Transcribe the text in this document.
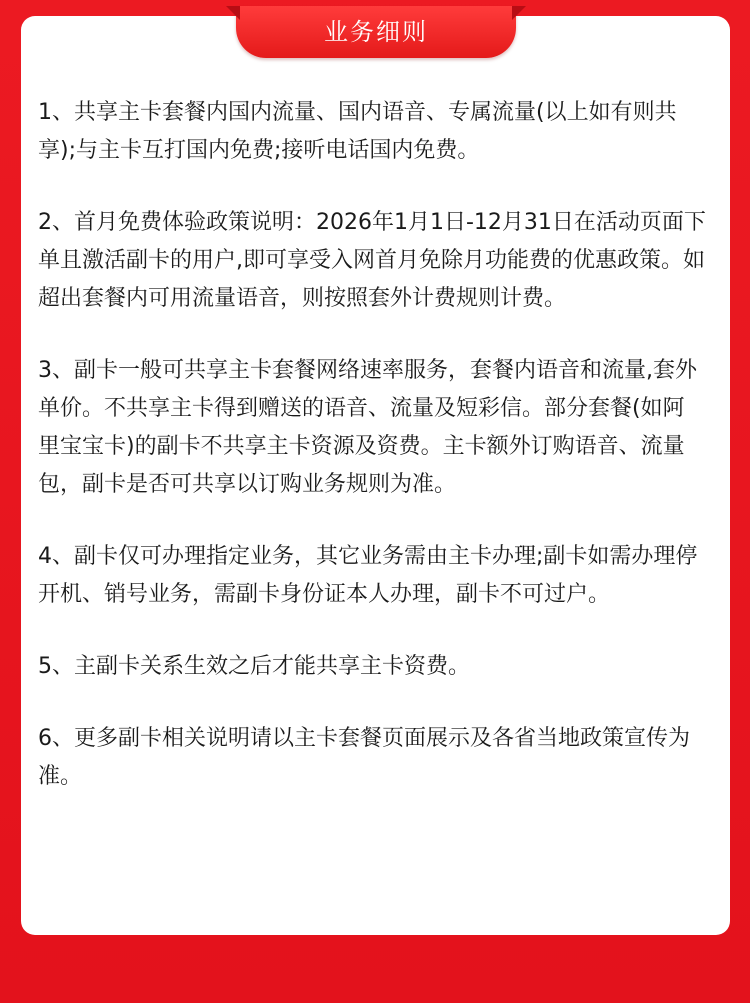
1、共享主卡套餐内国内流量、国内语音、专属流量(以上如有则共享);与主卡互打国内免费;接听电话国内免费。

2、首月免费体验政策说明：2026年1月1日-12月31日在活动页面下单且激活副卡的用户,即可享受入网首月免除月功能费的优惠政策。如超出套餐内可用流量语音，则按照套外计费规则计费。

3、副卡一般可共享主卡套餐网络速率服务，套餐内语音和流量,套外单价。不共享主卡得到赠送的语音、流量及短彩信。部分套餐(如阿里宝宝卡)的副卡不共享主卡资源及资费。主卡额外订购语音、流量包，副卡是否可共享以订购业务规则为准。

4、副卡仅可办理指定业务，其它业务需由主卡办理;副卡如需办理停开机、销号业务，需副卡身份证本人办理，副卡不可过户。

5、主副卡关系生效之后才能共享主卡资费。

6、更多副卡相关说明请以主卡套餐页面展示及各省当地政策宣传为准。

业务细则
